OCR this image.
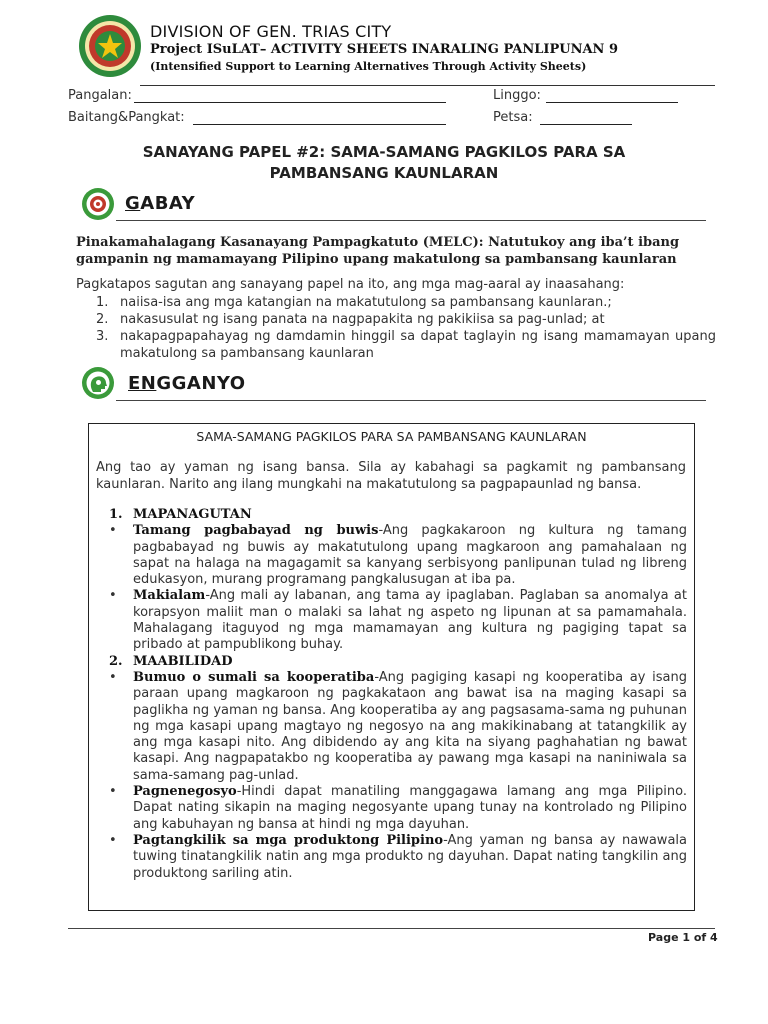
DIVISION OF GEN. TRIAS CITY
Project ISuLAT– ACTIVITY SHEETS INARALING PANLIPUNAN 9
(Intensified Support to Learning Alternatives Through Activity Sheets)
Pangalan:	Linggo:
Baitang&Pangkat:	Petsa:
SANAYANG PAPEL #2: SAMA-SAMANG PAGKILOS PARA SA
PAMBANSANG KAUNLARAN
GABAY
Pinakamahalagang Kasanayang Pampagkatuto (MELC): Natutukoy ang iba’t ibang
gampanin ng mamamayang Pilipino upang makatulong sa pambansang kaunlaran
Pagkatapos sagutan ang sanayang papel na ito, ang mga mag-aaral ay inaasahang:
1. naiisa-isa ang mga katangian na makatutulong sa pambansang kaunlaran.;
2. nakasusulat ng isang panata na nagpapakita ng pakikiisa sa pag-unlad; at
3. nakapagpapahayag ng damdamin hinggil sa dapat taglayin ng isang mamamayan upang makatulong sa pambansang kaunlaran
ENGGANYO
SAMA-SAMANG PAGKILOS PARA SA PAMBANSANG KAUNLARAN
Ang tao ay yaman ng isang bansa. Sila ay kabahagi sa pagkamit ng pambansang kaunlaran. Narito ang ilang mungkahi na makatutulong sa pagpapaunlad ng bansa.
1. MAPANAGUTAN
•	Tamang pagbabayad ng buwis-Ang pagkakaroon ng kultura ng tamang pagbabayad ng buwis ay makatutulong upang magkaroon ang pamahalaan ng sapat na halaga na magagamit sa kanyang serbisyong panlipunan tulad ng libreng edukasyon, murang programang pangkalusugan at iba pa.
•	Makialam-Ang mali ay labanan, ang tama ay ipaglaban. Paglaban sa anomalya at korapsyon maliit man o malaki sa lahat ng aspeto ng lipunan at sa pamamahala. Mahalagang itaguyod ng mga mamamayan ang kultura ng pagiging tapat sa pribado at pampublikong buhay.
2. MAABILIDAD
•	Bumuo o sumali sa kooperatiba-Ang pagiging kasapi ng kooperatiba ay isang paraan upang magkaroon ng pagkakataon ang bawat isa na maging kasapi sa paglikha ng yaman ng bansa. Ang kooperatiba ay ang pagsasama-sama ng puhunan ng mga kasapi upang magtayo ng negosyo na ang makikinabang at tatangkilik ay ang mga kasapi nito. Ang dibidendo ay ang kita na siyang paghahatian ng bawat kasapi. Ang nagpapatakbo ng kooperatiba ay pawang mga kasapi na naniniwala sa sama-samang pag-unlad.
•	Pagnenegosyo-Hindi dapat manatiling manggagawa lamang ang mga Pilipino. Dapat nating sikapin na maging negosyante upang tunay na kontrolado ng Pilipino ang kabuhayan ng bansa at hindi ng mga dayuhan.
•	Pagtangkilik sa mga produktong Pilipino-Ang yaman ng bansa ay nawawala tuwing tinatangkilik natin ang mga produkto ng dayuhan. Dapat nating tangkilin ang produktong sariling atin.
Page 1 of 4
